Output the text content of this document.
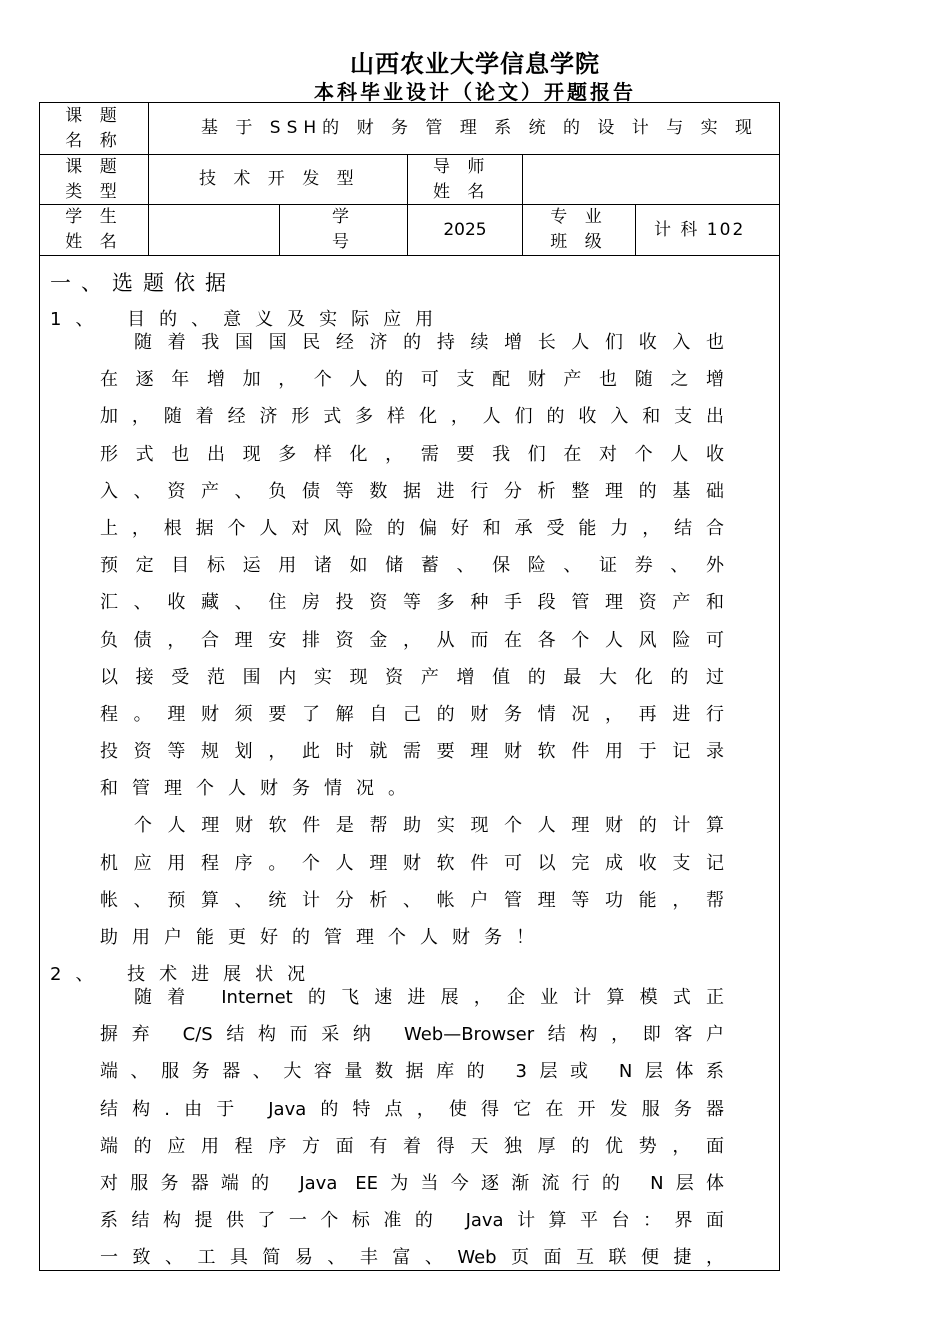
山西农业大学信息学院
本科毕业设计（论文）开题报告
课 题
名 称
基 于 SSH的 财 务 管 理 系 统 的 设 计 与 实 现
课 题
类 型
技 术 开 发 型
导 师
姓 名
学 生
姓 名
学
号
2025
专 业
班 级
计 科 102
一、选题依据
1、 目的、意义及实际应用
随着我国国民经济的持续增长人们收入也
在逐年增加，个人的可支配财产也随之增
加，随着经济形式多样化，人们的收入和支出
形式也出现多样化，需要我们在对个人收
入、资产、负债等数据进行分析整理的基础
上，根据个人对风险的偏好和承受能力，结合
预定目标运用诸如储蓄、保险、证券、外
汇、收藏、住房投资等多种手段管理资产和
负债，合理安排资金，从而在各个人风险可
以接受范围内实现资产增值的最大化的过
程。理财须要了解自己的财务情况，再进行
投资等规划，此时就需要理财软件用于记录
和管理个人财务情况。
个人理财软件是帮助实现个人理财的计算
机应用程序。个人理财软件可以完成收支记
帐、预算、统计分析、帐户管理等功能，帮
助用户能更好的管理个人财务！
2、 技术进展状况
随着 Internet的飞速进展，企业计算模式正
摒弃 C/S结构而采纳 Web—Browser结构，即客户
端、服务器、大容量数据库的 3层或 N层体系
结构.由于 Java的特点，使得它在开发服务器
端的应用程序方面有着得天独厚的优势，面
对服务器端的 Java EE为当今逐渐流行的 N层体
系结构提供了一个标准的 Java计算平台：界面
一致、工具简易、丰富、Web页面互联便捷，
